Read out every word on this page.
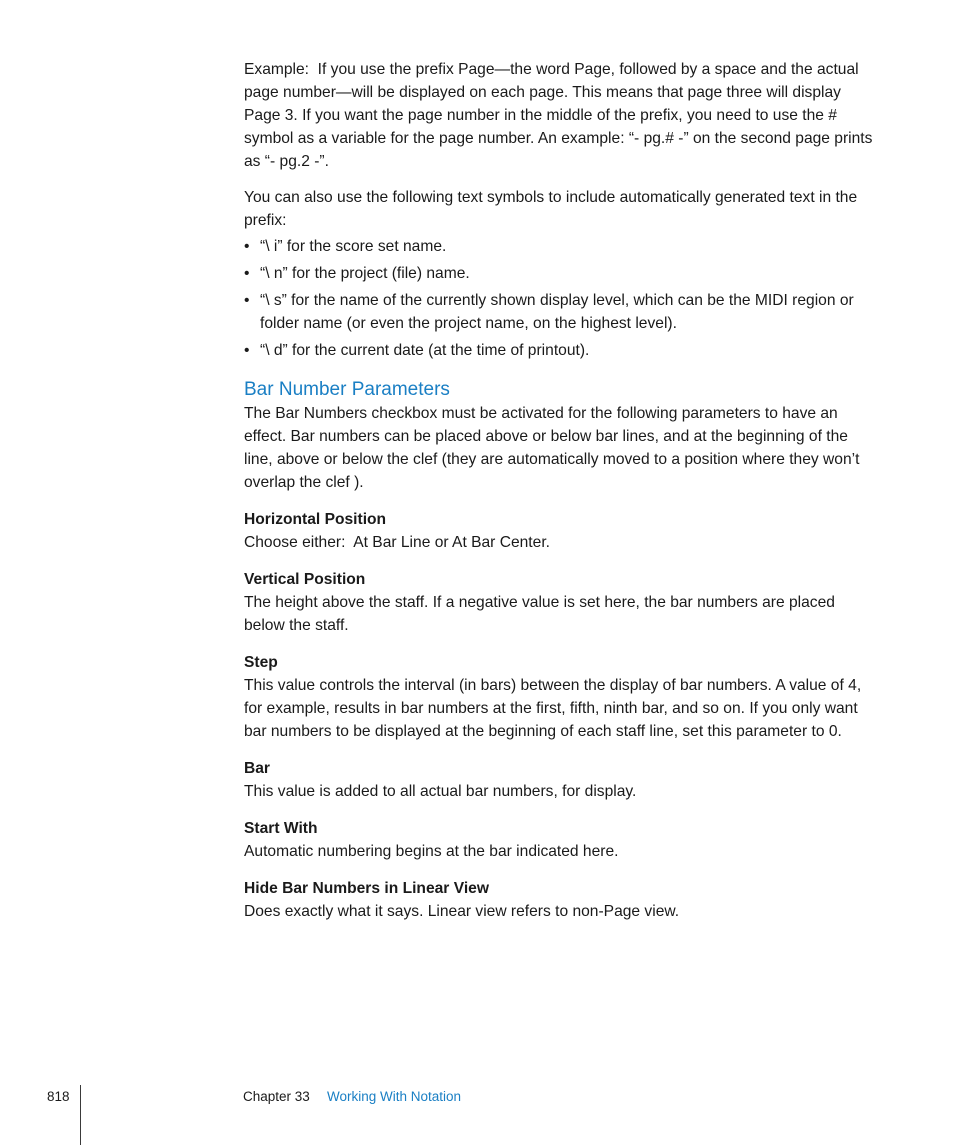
Example:  If you use the prefix Page—the word Page, followed by a space and the actual page number—will be displayed on each page. This means that page three will display Page 3. If you want the page number in the middle of the prefix, you need to use the # symbol as a variable for the page number. An example: “- pg.# -” on the second page prints as “- pg.2 -”.

You can also use the following text symbols to include automatically generated text in the prefix:

• “\ i” for the score set name.
• “\ n” for the project (file) name.
• “\ s” for the name of the currently shown display level, which can be the MIDI region or folder name (or even the project name, on the highest level).
• “\ d” for the current date (at the time of printout).
Bar Number Parameters

The Bar Numbers checkbox must be activated for the following parameters to have an effect. Bar numbers can be placed above or below bar lines, and at the beginning of the line, above or below the clef (they are automatically moved to a position where they won’t overlap the clef ).

Horizontal Position

Choose either:  At Bar Line or At Bar Center.

Vertical Position

The height above the staff. If a negative value is set here, the bar numbers are placed below the staff.

Step

This value controls the interval (in bars) between the display of bar numbers. A value of 4, for example, results in bar numbers at the first, fifth, ninth bar, and so on. If you only want bar numbers to be displayed at the beginning of each staff line, set this parameter to 0.

Bar

This value is added to all actual bar numbers, for display.

Start With

Automatic numbering begins at the bar indicated here.

Hide Bar Numbers in Linear View

Does exactly what it says. Linear view refers to non-Page view.

818	Chapter 33 Working With Notation
